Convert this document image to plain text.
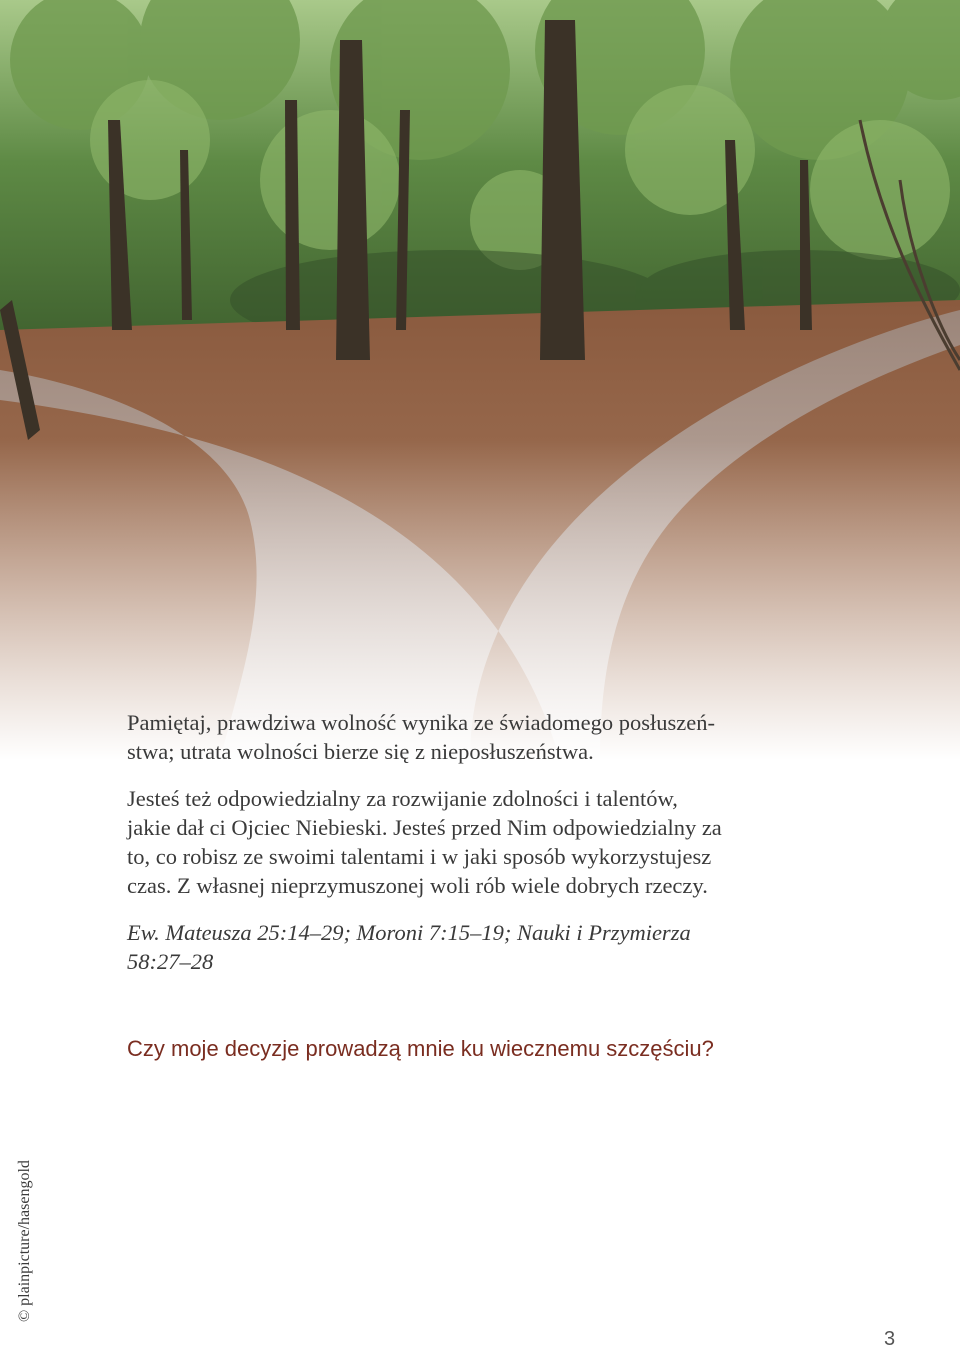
Pamiętaj, prawdziwa wolność wynika ze świadomego posłuszeń-
stwa; utrata wolności bierze się z nieposłuszeństwa.

Jesteś też odpowiedzialny za rozwijanie zdolności i talentów,
jakie dał ci Ojciec Niebieski. Jesteś przed Nim odpowiedzialny za
to, co robisz ze swoimi talentami i w jaki sposób wykorzystujesz
czas. Z własnej nieprzymuszonej woli rób wiele dobrych rzeczy.

Ew. Mateusza 25:14–29; Moroni 7:15–19; Nauki i Przymierza
58:27–28
Czy moje decyzje prowadzą mnie ku wiecznemu szczęściu?
© plainpicture/hasengold
3
